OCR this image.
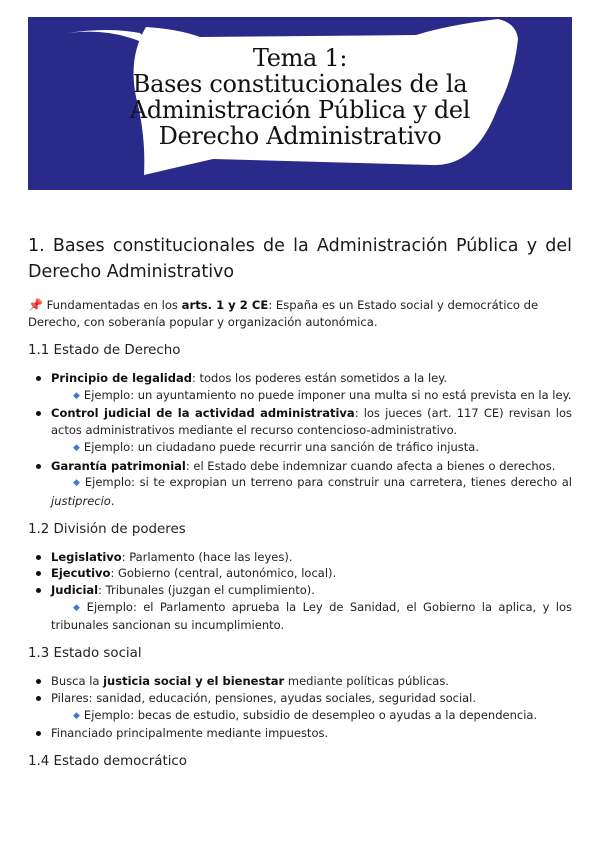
Tema 1:
Bases constitucionales de la
Administración Pública y del
Derecho Administrativo
1. Bases constitucionales de la Administración Pública y del Derecho Administrativo

📌 Fundamentadas en los arts. 1 y 2 CE: España es un Estado social y democrático de Derecho, con soberanía popular y organización autonómica.

1.1 Estado de Derecho
Principio de legalidad: todos los poderes están sometidos a la ley.
◆ Ejemplo: un ayuntamiento no puede imponer una multa si no está prevista en la ley.
Control judicial de la actividad administrativa: los jueces (art. 117 CE) revisan los actos administrativos mediante el recurso contencioso-administrativo.
◆ Ejemplo: un ciudadano puede recurrir una sanción de tráfico injusta.
Garantía patrimonial: el Estado debe indemnizar cuando afecta a bienes o derechos.
◆ Ejemplo: si te expropian un terreno para construir una carretera, tienes derecho al justiprecio.
1.2 División de poderes
Legislativo: Parlamento (hace las leyes).
Ejecutivo: Gobierno (central, autonómico, local).
Judicial: Tribunales (juzgan el cumplimiento).
◆ Ejemplo: el Parlamento aprueba la Ley de Sanidad, el Gobierno la aplica, y los tribunales sancionan su incumplimiento.
1.3 Estado social
Busca la justicia social y el bienestar mediante políticas públicas.
Pilares: sanidad, educación, pensiones, ayudas sociales, seguridad social.
◆ Ejemplo: becas de estudio, subsidio de desempleo o ayudas a la dependencia.
Financiado principalmente mediante impuestos.
1.4 Estado democrático
